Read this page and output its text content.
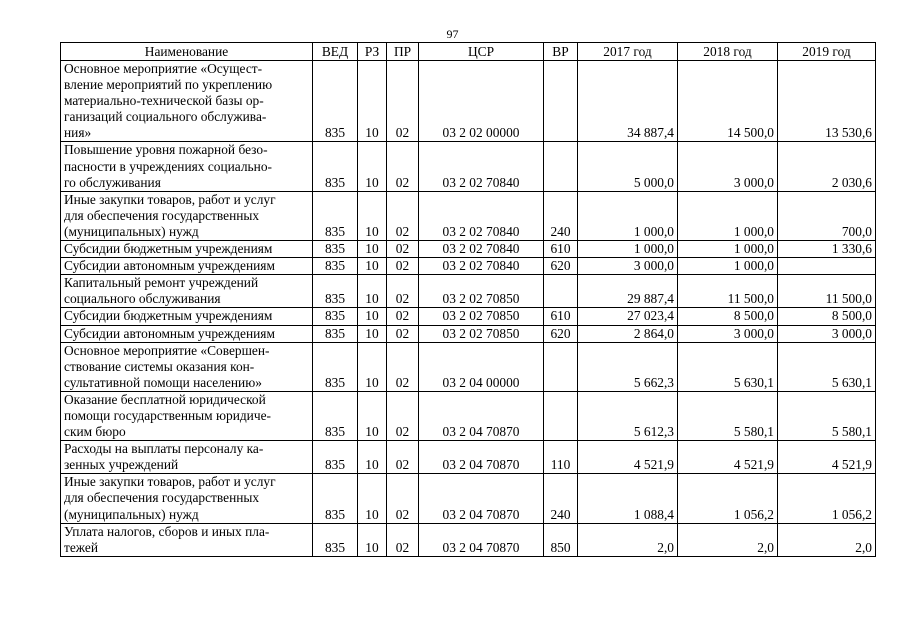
97
Наименование	ВЕД	РЗ	ПР	ЦСР	ВР	2017 год	2018 год	2019 год

Основное мероприятие «Осущест-
вление мероприятий по укреплению
материально-технической базы ор-
ганизаций социального обслужива-
ния»	835	10	02	03 2 02 00000		34 887,4	14 500,0	13 530,6

Повышение уровня пожарной безо-
пасности в учреждениях социально-
го обслуживания	835	10	02	03 2 02 70840		5 000,0	3 000,0	2 030,6

Иные закупки товаров, работ и услуг
для обеспечения государственных
(муниципальных) нужд	835	10	02	03 2 02 70840	240	1 000,0	1 000,0	700,0

Субсидии бюджетным учреждениям	835	10	02	03 2 02 70840	610	1 000,0	1 000,0	1 330,6

Субсидии автономным учреждениям	835	10	02	03 2 02 70840	620	3 000,0	1 000,0	

Капитальный ремонт учреждений
социального обслуживания	835	10	02	03 2 02 70850		29 887,4	11 500,0	11 500,0

Субсидии бюджетным учреждениям	835	10	02	03 2 02 70850	610	27 023,4	8 500,0	8 500,0

Субсидии автономным учреждениям	835	10	02	03 2 02 70850	620	2 864,0	3 000,0	3 000,0

Основное мероприятие «Совершен-
ствование системы оказания кон-
сультативной помощи населению»	835	10	02	03 2 04 00000		5 662,3	5 630,1	5 630,1

Оказание бесплатной юридической
помощи государственным юридиче-
ским бюро	835	10	02	03 2 04 70870		5 612,3	5 580,1	5 580,1

Расходы на выплаты персоналу ка-
зенных учреждений	835	10	02	03 2 04 70870	110	4 521,9	4 521,9	4 521,9

Иные закупки товаров, работ и услуг
для обеспечения государственных
(муниципальных) нужд	835	10	02	03 2 04 70870	240	1 088,4	1 056,2	1 056,2

Уплата налогов, сборов и иных пла-
тежей	835	10	02	03 2 04 70870	850	2,0	2,0	2,0
